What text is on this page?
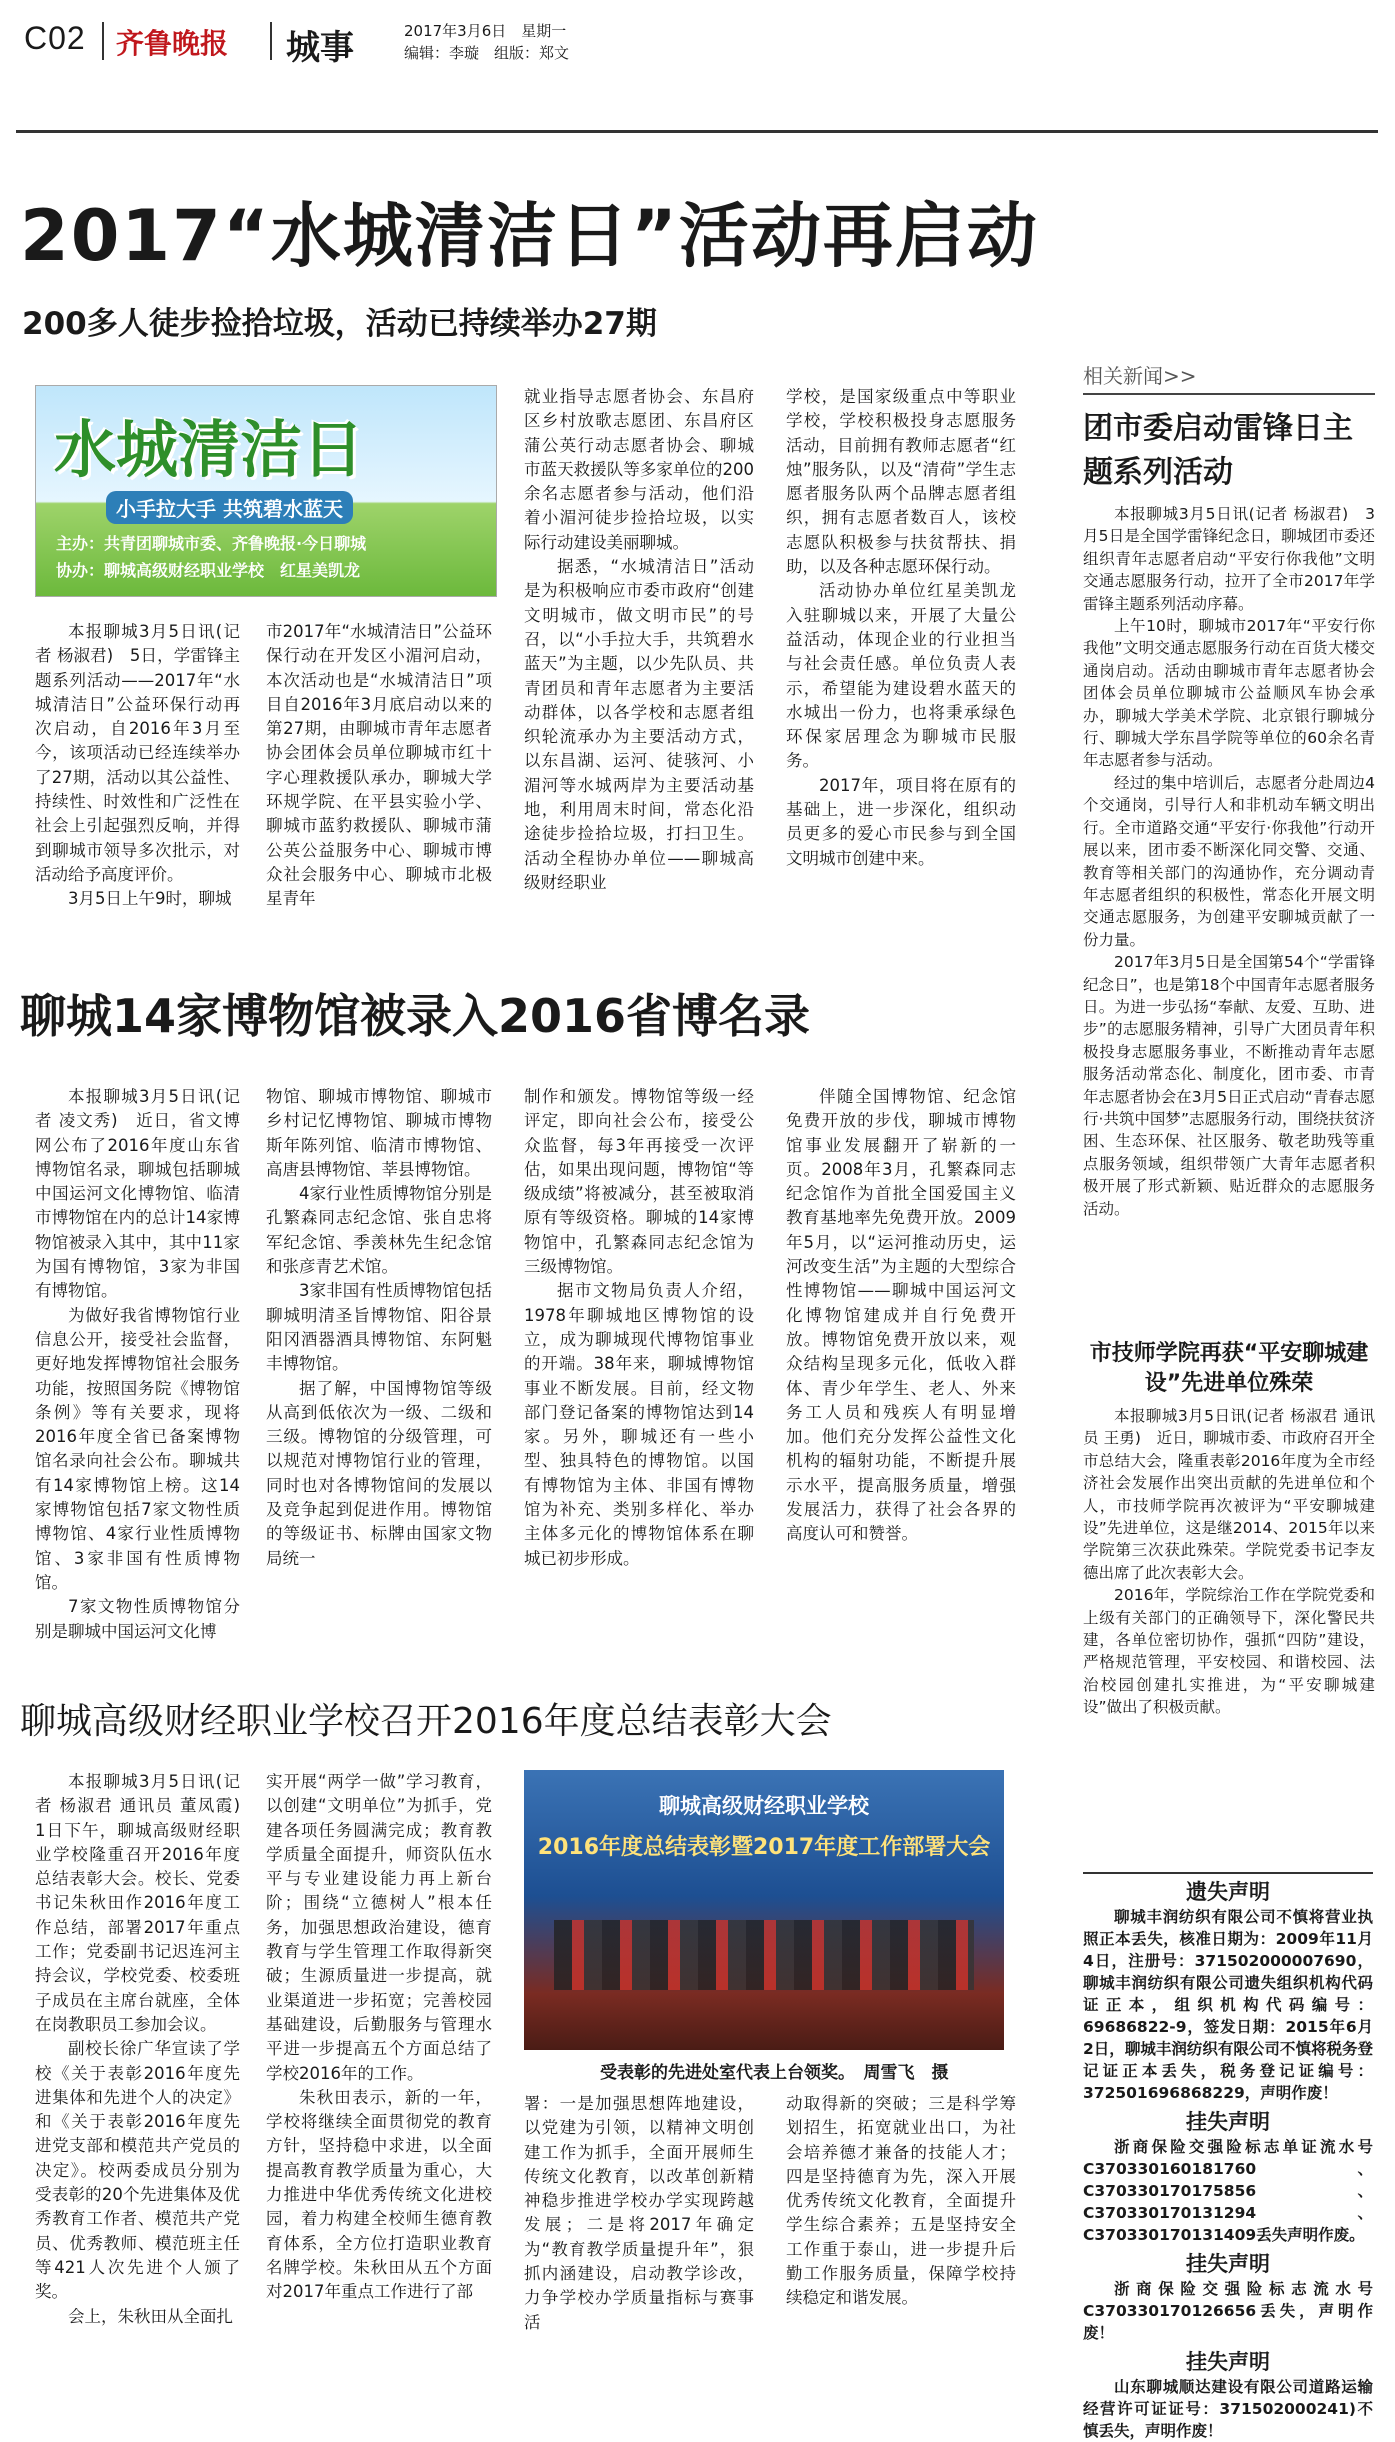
C02 齐鲁晚报 城事	2017年3月6日　星期一
编辑：李璇　组版：郑文
2017“水城清洁日”活动再启动
200多人徒步捡拾垃圾，活动已持续举办27期
水城清洁日
小手拉大手 共筑碧水蓝天
主办：共青团聊城市委、齐鲁晚报·今日聊城
协办：聊城高级财经职业学校　红星美凯龙

本报聊城3月5日讯(记者 杨淑君)　5日，学雷锋主题系列活动——2017年“水城清洁日”公益环保行动再次启动，自2016年3月至今，该项活动已经连续举办了27期，活动以其公益性、持续性、时效性和广泛性在社会上引起强烈反响，并得到聊城市领导多次批示，对活动给予高度评价。

3月5日上午9时，聊城

市2017年“水城清洁日”公益环保行动在开发区小湄河启动，本次活动也是“水城清洁日”项目自2016年3月底启动以来的第27期，由聊城市青年志愿者协会团体会员单位聊城市红十字心理救援队承办，聊城大学环规学院、在平县实验小学、聊城市蓝豹救援队、聊城市蒲公英公益服务中心、聊城市博众社会服务中心、聊城市北极星青年

就业指导志愿者协会、东昌府区乡村放歌志愿团、东昌府区蒲公英行动志愿者协会、聊城市蓝天救援队等多家单位的200余名志愿者参与活动，他们沿着小湄河徒步捡拾垃圾，以实际行动建设美丽聊城。

据悉，“水城清洁日”活动是为积极响应市委市政府“创建文明城市，做文明市民”的号召，以“小手拉大手，共筑碧水蓝天”为主题，以少先队员、共青团员和青年志愿者为主要活动群体，以各学校和志愿者组织轮流承办为主要活动方式，以东昌湖、运河、徒骇河、小湄河等水城两岸为主要活动基地，利用周末时间，常态化沿途徒步捡拾垃圾，打扫卫生。活动全程协办单位——聊城高级财经职业

学校，是国家级重点中等职业学校，学校积极投身志愿服务活动，目前拥有教师志愿者“红烛”服务队，以及“清荷”学生志愿者服务队两个品牌志愿者组织，拥有志愿者数百人，该校志愿队积极参与扶贫帮扶、捐助，以及各种志愿环保行动。

活动协办单位红星美凯龙入驻聊城以来，开展了大量公益活动，体现企业的行业担当与社会责任感。单位负责人表示，希望能为建设碧水蓝天的水城出一份力，也将秉承绿色环保家居理念为聊城市民服务。

2017年，项目将在原有的基础上，进一步深化，组织动员更多的爱心市民参与到全国文明城市创建中来。

聊城14家博物馆被录入2016省博名录

本报聊城3月5日讯(记者 凌文秀)　近日，省文博网公布了2016年度山东省博物馆名录，聊城包括聊城中国运河文化博物馆、临清市博物馆在内的总计14家博物馆被录入其中，其中11家为国有博物馆，3家为非国有博物馆。

为做好我省博物馆行业信息公开，接受社会监督，更好地发挥博物馆社会服务功能，按照国务院《博物馆条例》等有关要求，现将2016年度全省已备案博物馆名录向社会公布。聊城共有14家博物馆上榜。这14家博物馆包括7家文物性质博物馆、4家行业性质博物馆、3家非国有性质博物馆。

7家文物性质博物馆分别是聊城中国运河文化博

物馆、聊城市博物馆、聊城市乡村记忆博物馆、聊城市博物斯年陈列馆、临清市博物馆、高唐县博物馆、莘县博物馆。

4家行业性质博物馆分别是孔繁森同志纪念馆、张自忠将军纪念馆、季羡林先生纪念馆和张彦青艺术馆。

3家非国有性质博物馆包括聊城明清圣旨博物馆、阳谷景阳冈酒器酒具博物馆、东阿魁丰博物馆。

据了解，中国博物馆等级从高到低依次为一级、二级和三级。博物馆的分级管理，可以规范对博物馆行业的管理，同时也对各博物馆间的发展以及竞争起到促进作用。博物馆的等级证书、标牌由国家文物局统一

制作和颁发。博物馆等级一经评定，即向社会公布，接受公众监督，每3年再接受一次评估，如果出现问题，博物馆“等级成绩”将被减分，甚至被取消原有等级资格。聊城的14家博物馆中，孔繁森同志纪念馆为三级博物馆。

据市文物局负责人介绍，1978年聊城地区博物馆的设立，成为聊城现代博物馆事业的开端。38年来，聊城博物馆事业不断发展。目前，经文物部门登记备案的博物馆达到14家。另外，聊城还有一些小型、独具特色的博物馆。以国有博物馆为主体、非国有博物馆为补充、类别多样化、举办主体多元化的博物馆体系在聊城已初步形成。

伴随全国博物馆、纪念馆免费开放的步伐，聊城市博物馆事业发展翻开了崭新的一页。2008年3月，孔繁森同志纪念馆作为首批全国爱国主义教育基地率先免费开放。2009年5月，以“运河推动历史，运河改变生活”为主题的大型综合性博物馆——聊城中国运河文化博物馆建成并自行免费开放。博物馆免费开放以来，观众结构呈现多元化，低收入群体、青少年学生、老人、外来务工人员和残疾人有明显增加。他们充分发挥公益性文化机构的辐射功能，不断提升展示水平，提高服务质量，增强发展活力，获得了社会各界的高度认可和赞誉。

聊城高级财经职业学校召开2016年度总结表彰大会

本报聊城3月5日讯(记者 杨淑君 通讯员 董凤霞)　1日下午，聊城高级财经职业学校隆重召开2016年度总结表彰大会。校长、党委书记朱秋田作2016年度工作总结，部署2017年重点工作；党委副书记迟连河主持会议，学校党委、校委班子成员在主席台就座，全体在岗教职员工参加会议。

副校长徐广华宣读了学校《关于表彰2016年度先进集体和先进个人的决定》和《关于表彰2016年度先进党支部和模范共产党员的决定》。校两委成员分别为受表彰的20个先进集体及优秀教育工作者、模范共产党员、优秀教师、模范班主任等421人次先进个人颁了奖。

会上，朱秋田从全面扎

实开展“两学一做”学习教育，以创建“文明单位”为抓手，党建各项任务圆满完成；教育教学质量全面提升，师资队伍水平与专业建设能力再上新台阶；围绕“立德树人”根本任务，加强思想政治建设，德育教育与学生管理工作取得新突破；生源质量进一步提高，就业渠道进一步拓宽；完善校园基础建设，后勤服务与管理水平进一步提高五个方面总结了学校2016年的工作。

朱秋田表示，新的一年，学校将继续全面贯彻党的教育方针，坚持稳中求进，以全面提高教育教学质量为重心，大力推进中华优秀传统文化进校园，着力构建全校师生德育教育体系，全方位打造职业教育名牌学校。朱秋田从五个方面对2017年重点工作进行了部

聊城高级财经职业学校
2016年度总结表彰暨2017年度工作部署大会
受表彰的先进处室代表上台领奖。　周雪飞　摄

署：一是加强思想阵地建设，以党建为引领，以精神文明创建工作为抓手，全面开展师生传统文化教育，以改革创新精神稳步推进学校办学实现跨越发展；二是将2017年确定为“教育教学质量提升年”，狠抓内涵建设，启动教学诊改，力争学校办学质量指标与赛事活

动取得新的突破；三是科学筹划招生，拓宽就业出口，为社会培养德才兼备的技能人才；四是坚持德育为先，深入开展优秀传统文化教育，全面提升学生综合素养；五是坚持安全工作重于泰山，进一步提升后勤工作服务质量，保障学校持续稳定和谐发展。

相关新闻>>
团市委启动雷锋日主题系列活动

本报聊城3月5日讯(记者 杨淑君)　3月5日是全国学雷锋纪念日，聊城团市委还组织青年志愿者启动“平安行你我他”文明交通志愿服务行动，拉开了全市2017年学雷锋主题系列活动序幕。

上午10时，聊城市2017年“平安行你我他”文明交通志愿服务行动在百货大楼交通岗启动。活动由聊城市青年志愿者协会团体会员单位聊城市公益顺风车协会承办，聊城大学美术学院、北京银行聊城分行、聊城大学东昌学院等单位的60余名青年志愿者参与活动。

经过的集中培训后，志愿者分赴周边4个交通岗，引导行人和非机动车辆文明出行。全市道路交通“平安行·你我他”行动开展以来，团市委不断深化同交警、交通、教育等相关部门的沟通协作，充分调动青年志愿者组织的积极性，常态化开展文明交通志愿服务，为创建平安聊城贡献了一份力量。

2017年3月5日是全国第54个“学雷锋纪念日”，也是第18个中国青年志愿者服务日。为进一步弘扬“奉献、友爱、互助、进步”的志愿服务精神，引导广大团员青年积极投身志愿服务事业，不断推动青年志愿服务活动常态化、制度化，团市委、市青年志愿者协会在3月5日正式启动“青春志愿行·共筑中国梦”志愿服务行动，围绕扶贫济困、生态环保、社区服务、敬老助残等重点服务领域，组织带领广大青年志愿者积极开展了形式新颖、贴近群众的志愿服务活动。

市技师学院再获“平安聊城建设”先进单位殊荣

本报聊城3月5日讯(记者 杨淑君 通讯员 王勇)　近日，聊城市委、市政府召开全市总结大会，隆重表彰2016年度为全市经济社会发展作出突出贡献的先进单位和个人，市技师学院再次被评为“平安聊城建设”先进单位，这是继2014、2015年以来学院第三次获此殊荣。学院党委书记李友德出席了此次表彰大会。

2016年，学院综治工作在学院党委和上级有关部门的正确领导下，深化警民共建，各单位密切协作，强抓“四防”建设，严格规范管理，平安校园、和谐校园、法治校园创建扎实推进，为“平安聊城建设”做出了积极贡献。

遗失声明
聊城丰润纺织有限公司不慎将营业执照正本丢失，核准日期为：2009年11月4日，注册号：371502000007690，聊城丰润纺织有限公司遗失组织机构代码证正本，组织机构代码编号：69686822-9，签发日期：2015年6月2日，聊城丰润纺织有限公司不慎将税务登记证正本丢失，税务登记证编号：372501696868229，声明作废！
挂失声明
浙商保险交强险标志单证流水号C370330160181760、C370330170175856、C370330170131294、C370330170131409丢失声明作废。
挂失声明
浙商保险交强险标志流水号C370330170126656丢失，声明作废！
挂失声明
山东聊城顺达建设有限公司道路运输经营许可证证号：371502000241)不慎丢失，声明作废！
